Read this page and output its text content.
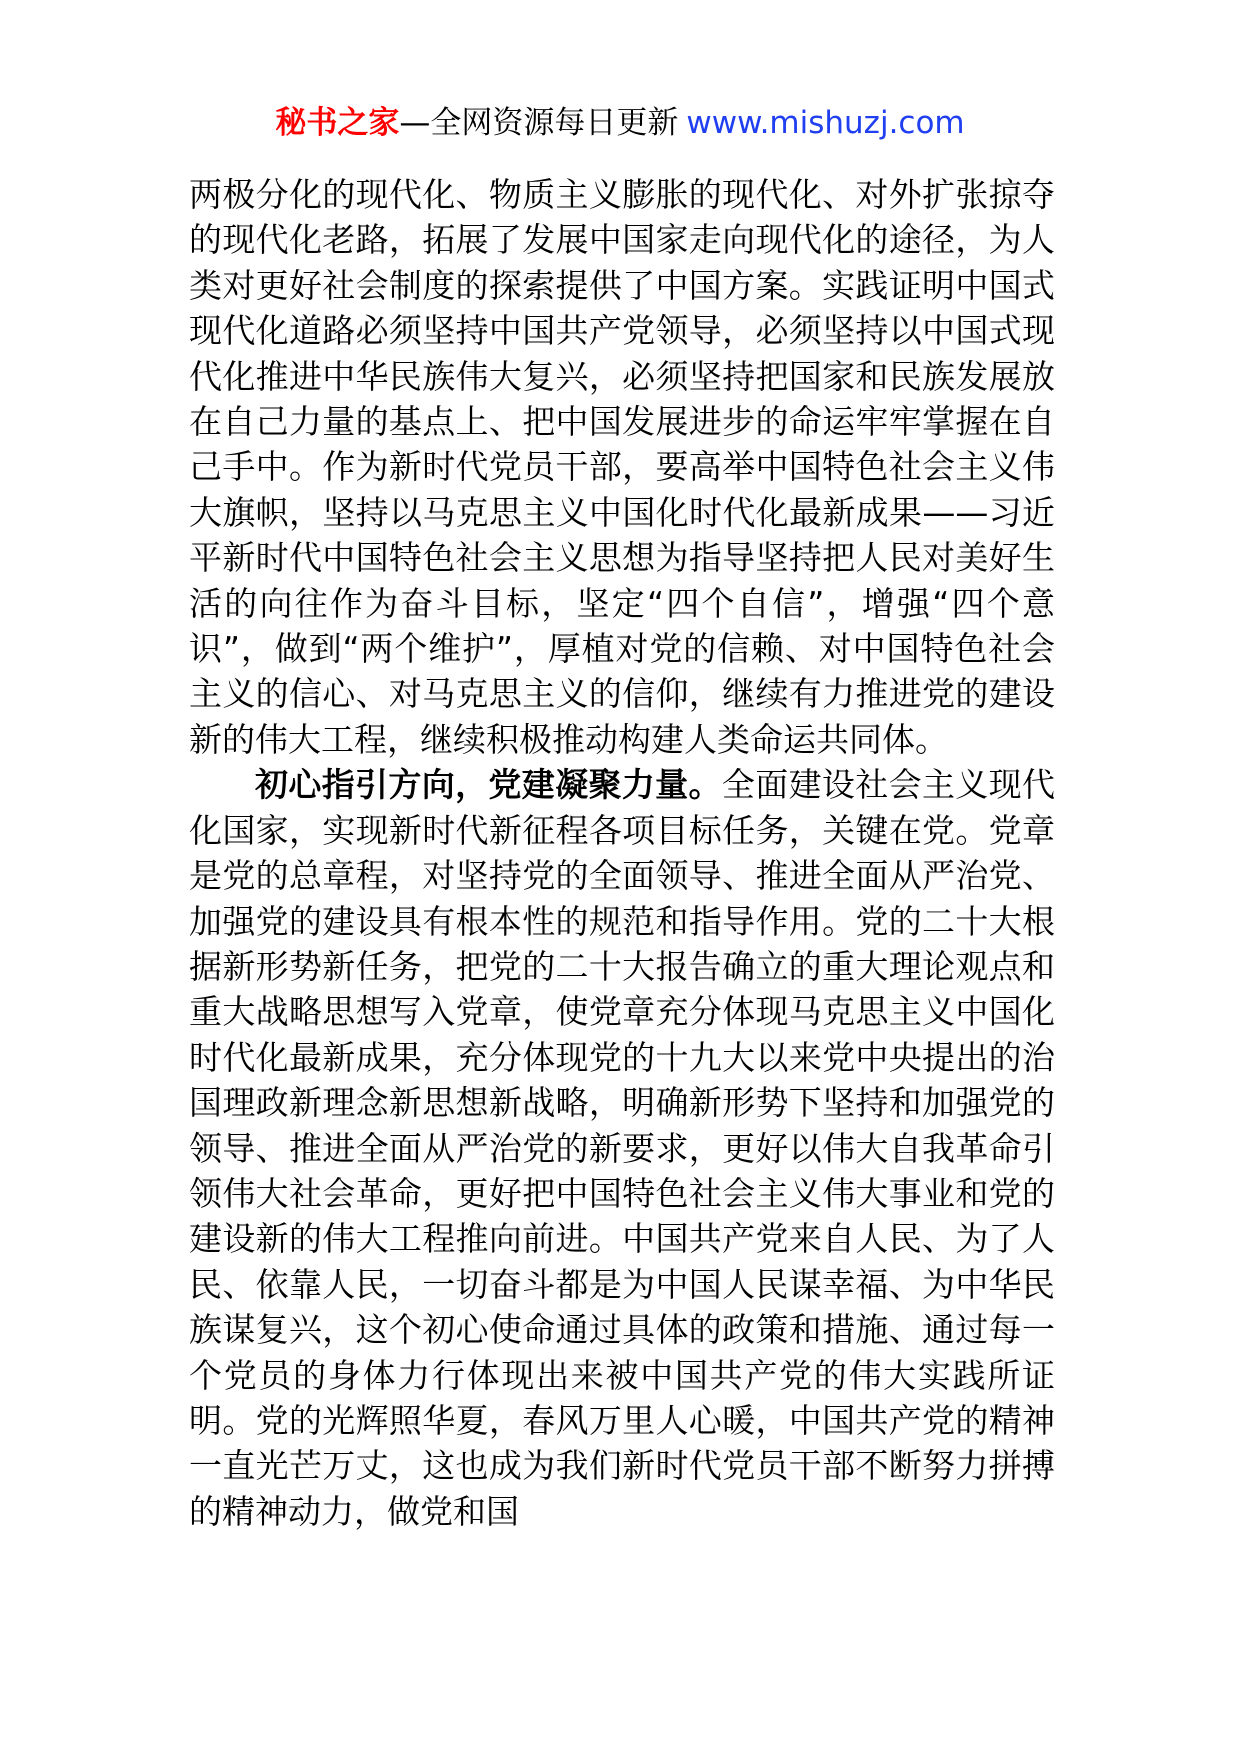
秘书之家—全网资源每日更新 www.mishuzj.com

两极分化的现代化、物质主义膨胀的现代化、对外扩张掠夺的现代化老路，拓展了发展中国家走向现代化的途径，为人类对更好社会制度的探索提供了中国方案。实践证明中国式现代化道路必须坚持中国共产党领导，必须坚持以中国式现代化推进中华民族伟大复兴，必须坚持把国家和民族发展放在自己力量的基点上、把中国发展进步的命运牢牢掌握在自己手中。作为新时代党员干部，要高举中国特色社会主义伟大旗帜，坚持以马克思主义中国化时代化最新成果——习近平新时代中国特色社会主义思想为指导坚持把人民对美好生活的向往作为奋斗目标，坚定“四个自信”，增强“四个意识”，做到“两个维护”，厚植对党的信赖、对中国特色社会主义的信心、对马克思主义的信仰，继续有力推进党的建设新的伟大工程，继续积极推动构建人类命运共同体。

初心指引方向，党建凝聚力量。全面建设社会主义现代化国家，实现新时代新征程各项目标任务，关键在党。党章是党的总章程，对坚持党的全面领导、推进全面从严治党、加强党的建设具有根本性的规范和指导作用。党的二十大根据新形势新任务，把党的二十大报告确立的重大理论观点和重大战略思想写入党章，使党章充分体现马克思主义中国化时代化最新成果，充分体现党的十九大以来党中央提出的治国理政新理念新思想新战略，明确新形势下坚持和加强党的领导、推进全面从严治党的新要求，更好以伟大自我革命引领伟大社会革命，更好把中国特色社会主义伟大事业和党的建设新的伟大工程推向前进。中国共产党来自人民、为了人民、依靠人民，一切奋斗都是为中国人民谋幸福、为中华民族谋复兴，这个初心使命通过具体的政策和措施、通过每一个党员的身体力行体现出来被中国共产党的伟大实践所证明。党的光辉照华夏，春风万里人心暖，中国共产党的精神一直光芒万丈，这也成为我们新时代党员干部不断努力拼搏的精神动力，做党和国
